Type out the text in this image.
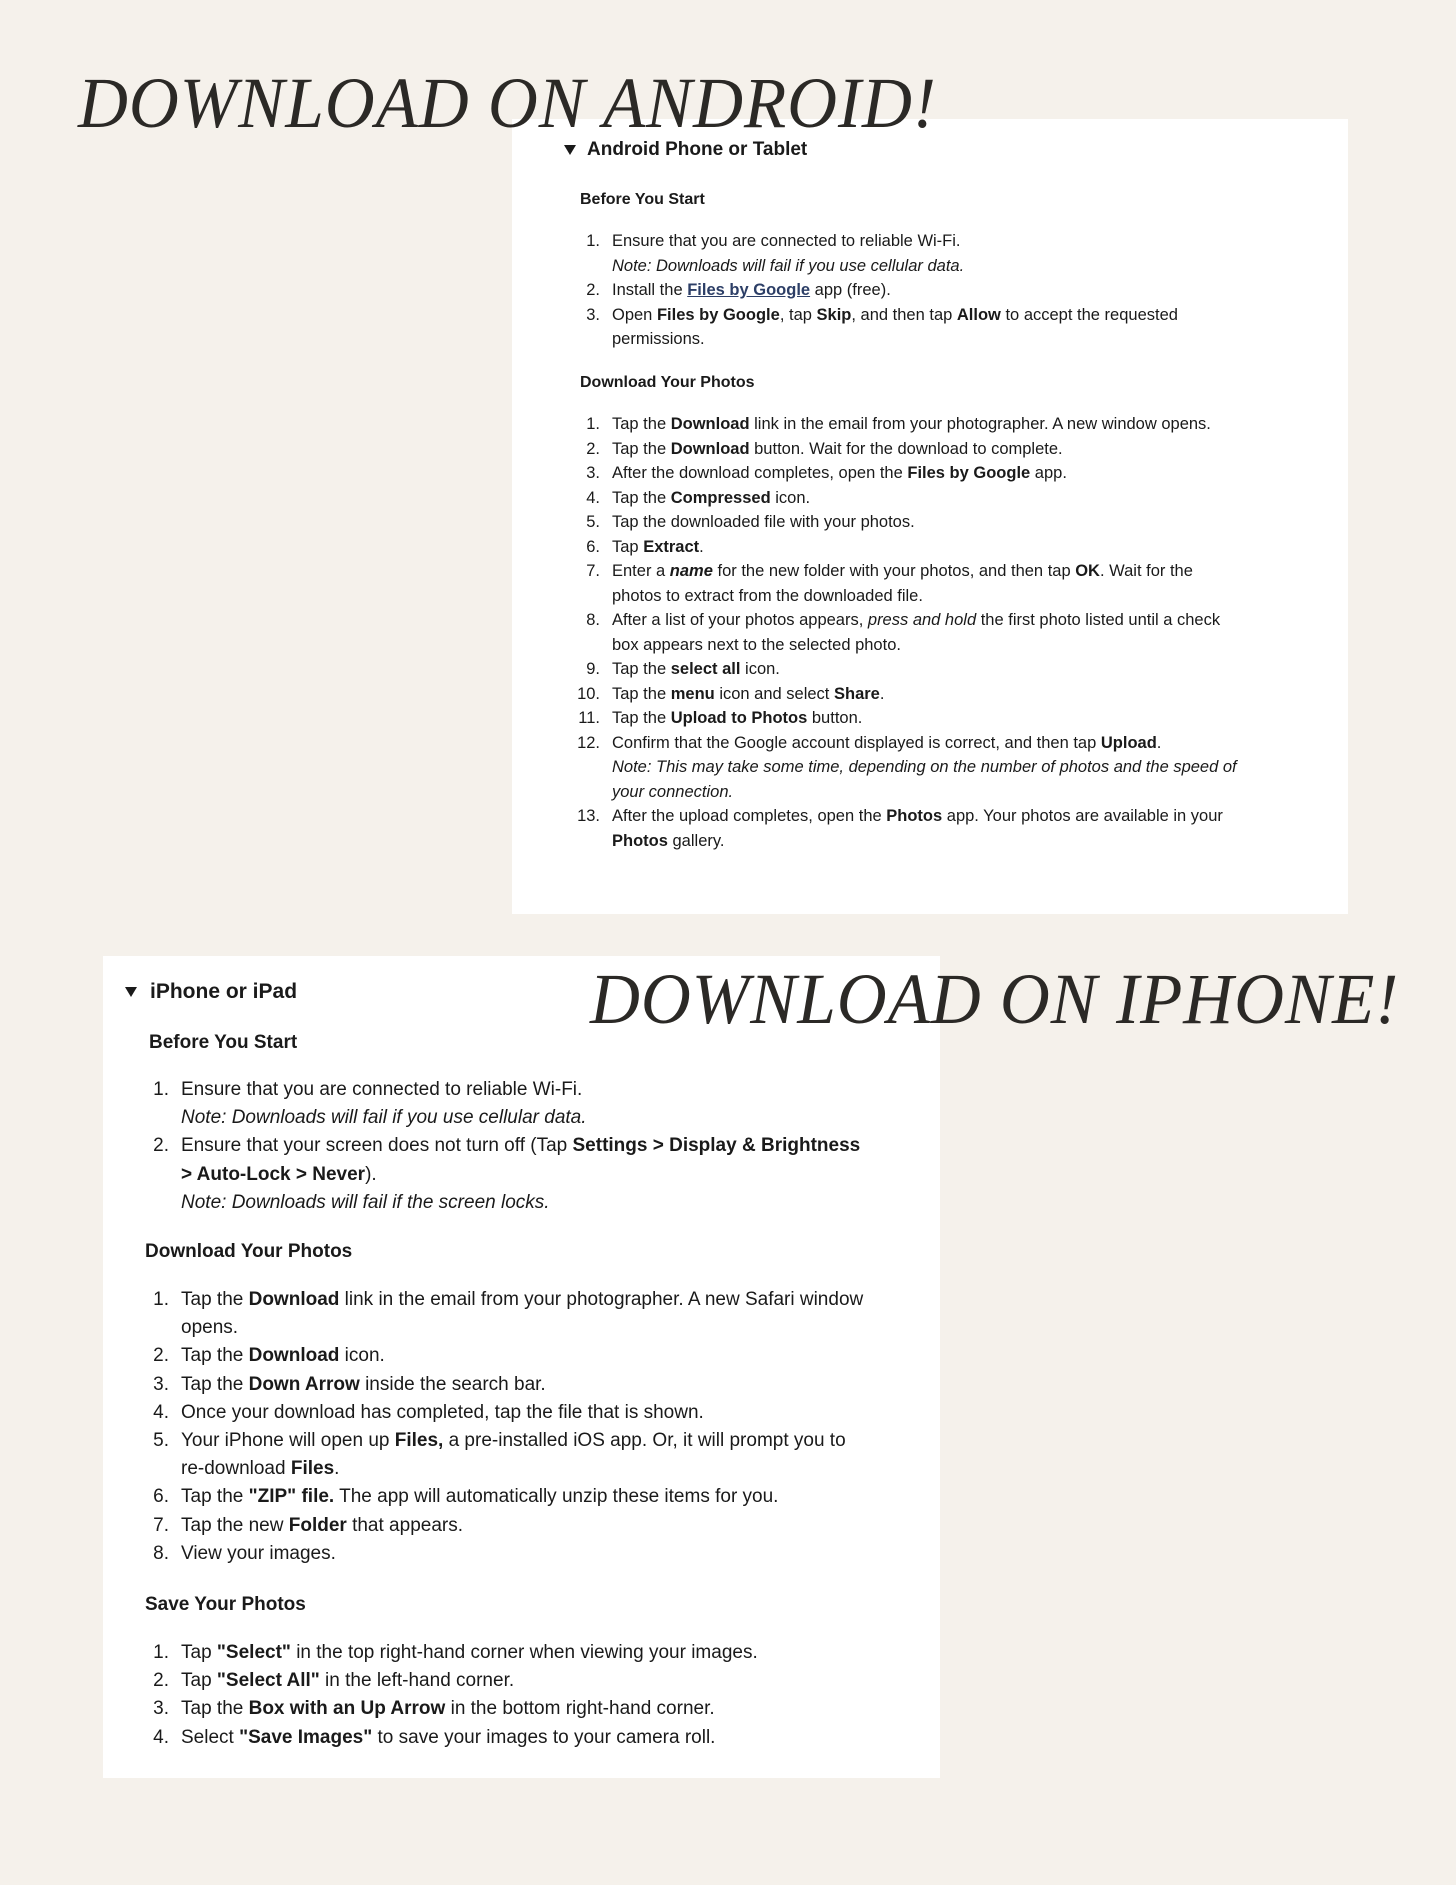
DOWNLOAD ON ANDROID!
Android Phone or Tablet
Before You Start
1. Ensure that you are connected to reliable Wi-Fi.
Note: Downloads will fail if you use cellular data.
2. Install the Files by Google app (free).
3. Open Files by Google, tap Skip, and then tap Allow to accept the requested permissions.
Download Your Photos
1. Tap the Download link in the email from your photographer. A new window opens.
2. Tap the Download button. Wait for the download to complete.
3. After the download completes, open the Files by Google app.
4. Tap the Compressed icon.
5. Tap the downloaded file with your photos.
6. Tap Extract.
7. Enter a name for the new folder with your photos, and then tap OK. Wait for the photos to extract from the downloaded file.
8. After a list of your photos appears, press and hold the first photo listed until a check box appears next to the selected photo.
9. Tap the select all icon.
10. Tap the menu icon and select Share.
11. Tap the Upload to Photos button.
12. Confirm that the Google account displayed is correct, and then tap Upload.
Note: This may take some time, depending on the number of photos and the speed of your connection.
13. After the upload completes, open the Photos app. Your photos are available in your Photos gallery.
iPhone or iPad
Before You Start
1. Ensure that you are connected to reliable Wi-Fi.
Note: Downloads will fail if you use cellular data.
2. Ensure that your screen does not turn off (Tap Settings > Display & Brightness > Auto-Lock > Never).
Note: Downloads will fail if the screen locks.
Download Your Photos
1. Tap the Download link in the email from your photographer. A new Safari window opens.
2. Tap the Download icon.
3. Tap the Down Arrow inside the search bar.
4. Once your download has completed, tap the file that is shown.
5. Your iPhone will open up Files, a pre-installed iOS app. Or, it will prompt you to re-download Files.
6. Tap the "ZIP" file. The app will automatically unzip these items for you.
7. Tap the new Folder that appears.
8. View your images.
Save Your Photos
1. Tap "Select" in the top right-hand corner when viewing your images.
2. Tap "Select All" in the left-hand corner.
3. Tap the Box with an Up Arrow in the bottom right-hand corner.
4. Select "Save Images" to save your images to your camera roll.
DOWNLOAD ON IPHONE!
